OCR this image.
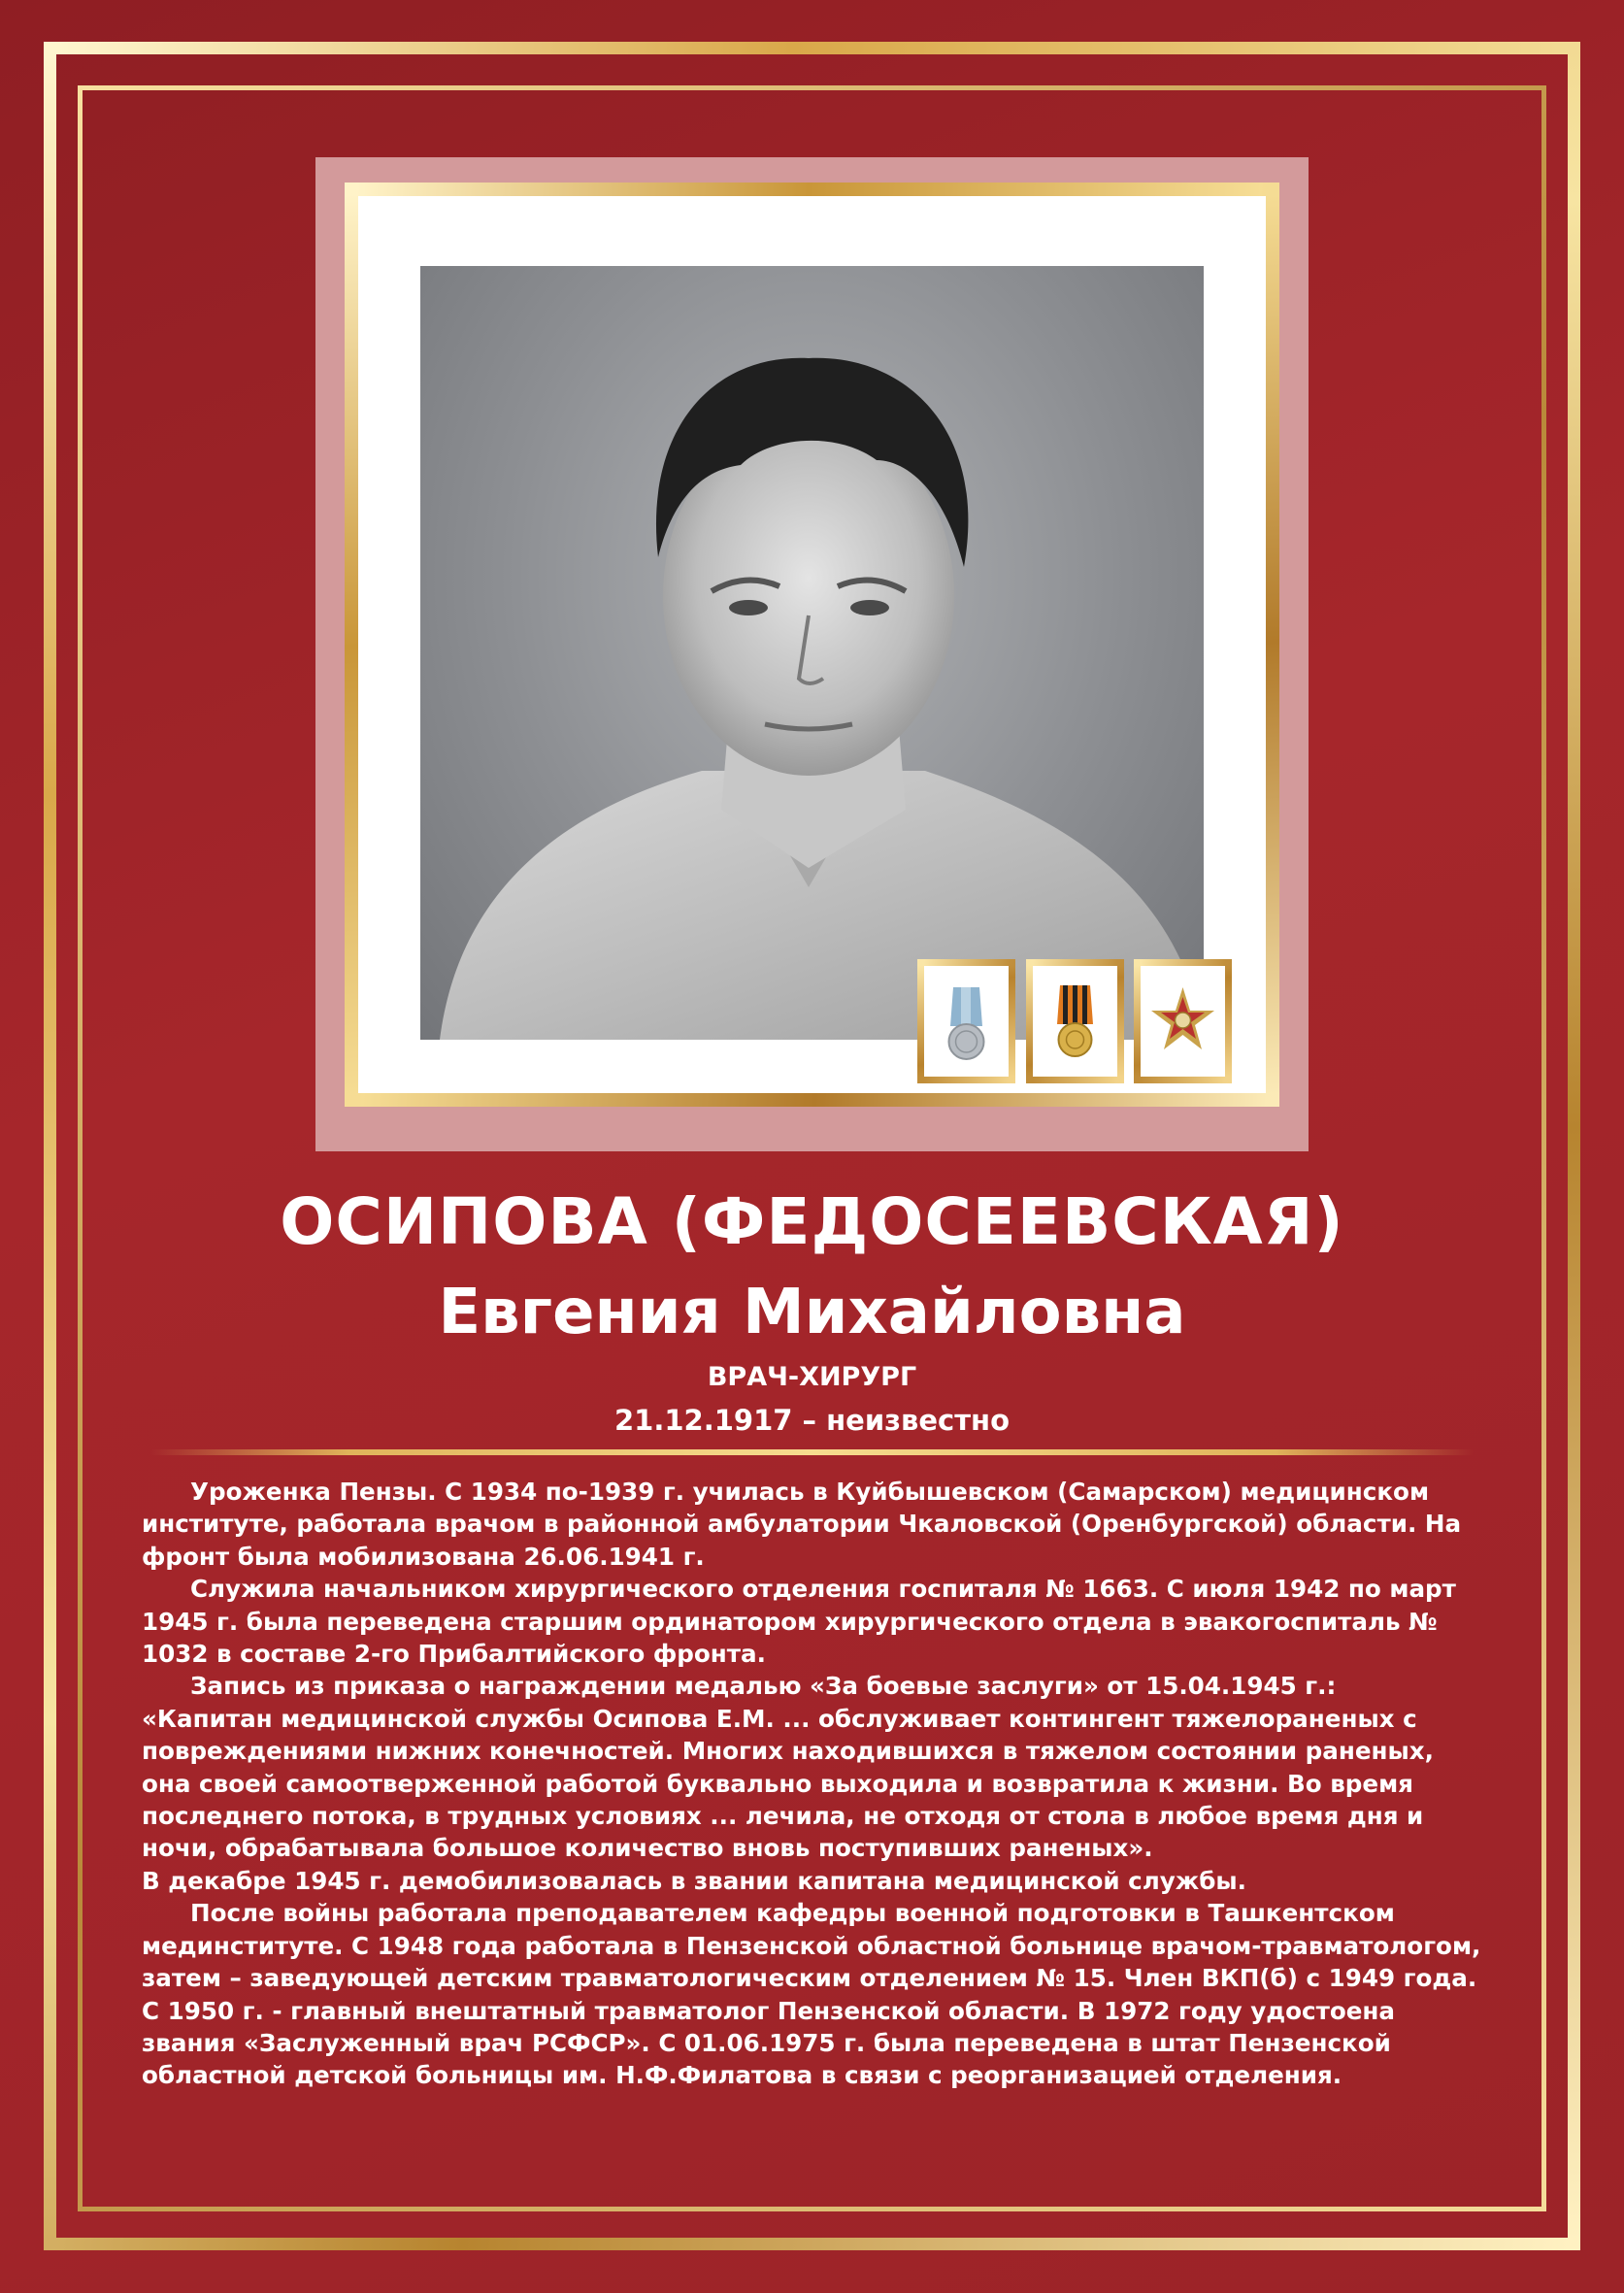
ОСИПОВА (ФЕДОСЕЕВСКАЯ)
Евгения Михайловна
ВРАЧ-ХИРУРГ
21.12.1917 – неизвестно

Уроженка Пензы. С 1934 по-1939 г. училась в Куйбышевском (Самарском) медицинском институте, работала врачом в районной амбулатории Чкаловской (Оренбургской) области. На фронт была мобилизована 26.06.1941 г.

Служила начальником хирургического отделения госпиталя № 1663. С июля 1942 по март 1945 г. была переведена старшим ординатором хирургического отдела в эвакогоспиталь № 1032 в составе 2-го Прибалтийского фронта.

Запись из приказа о награждении медалью «За боевые заслуги» от 15.04.1945 г.:

«Капитан медицинской службы Осипова Е.М. ... обслуживает контингент тяжелораненых с повреждениями нижних конечностей. Многих находившихся в тяжелом состоянии раненых, она своей самоотверженной работой буквально выходила и возвратила к жизни. Во время последнего потока, в трудных условиях ... лечила, не отходя от стола в любое время дня и ночи, обрабатывала большое количество вновь поступивших раненых».

В декабре 1945 г. демобилизовалась в звании капитана медицинской службы.

После войны работала преподавателем кафедры военной подготовки в Ташкентском мединституте. С 1948 года работала в Пензенской областной больнице врачом-травматологом, затем – заведующей детским травматологическим отделением № 15. Член ВКП(б) с 1949 года. С 1950 г. - главный внештатный травматолог Пензенской области. В 1972 году удостоена звания «Заслуженный врач РСФСР». С 01.06.1975 г. была переведена в штат Пензенской областной детской больницы им. Н.Ф.Филатова в связи с реорганизацией отделения.
